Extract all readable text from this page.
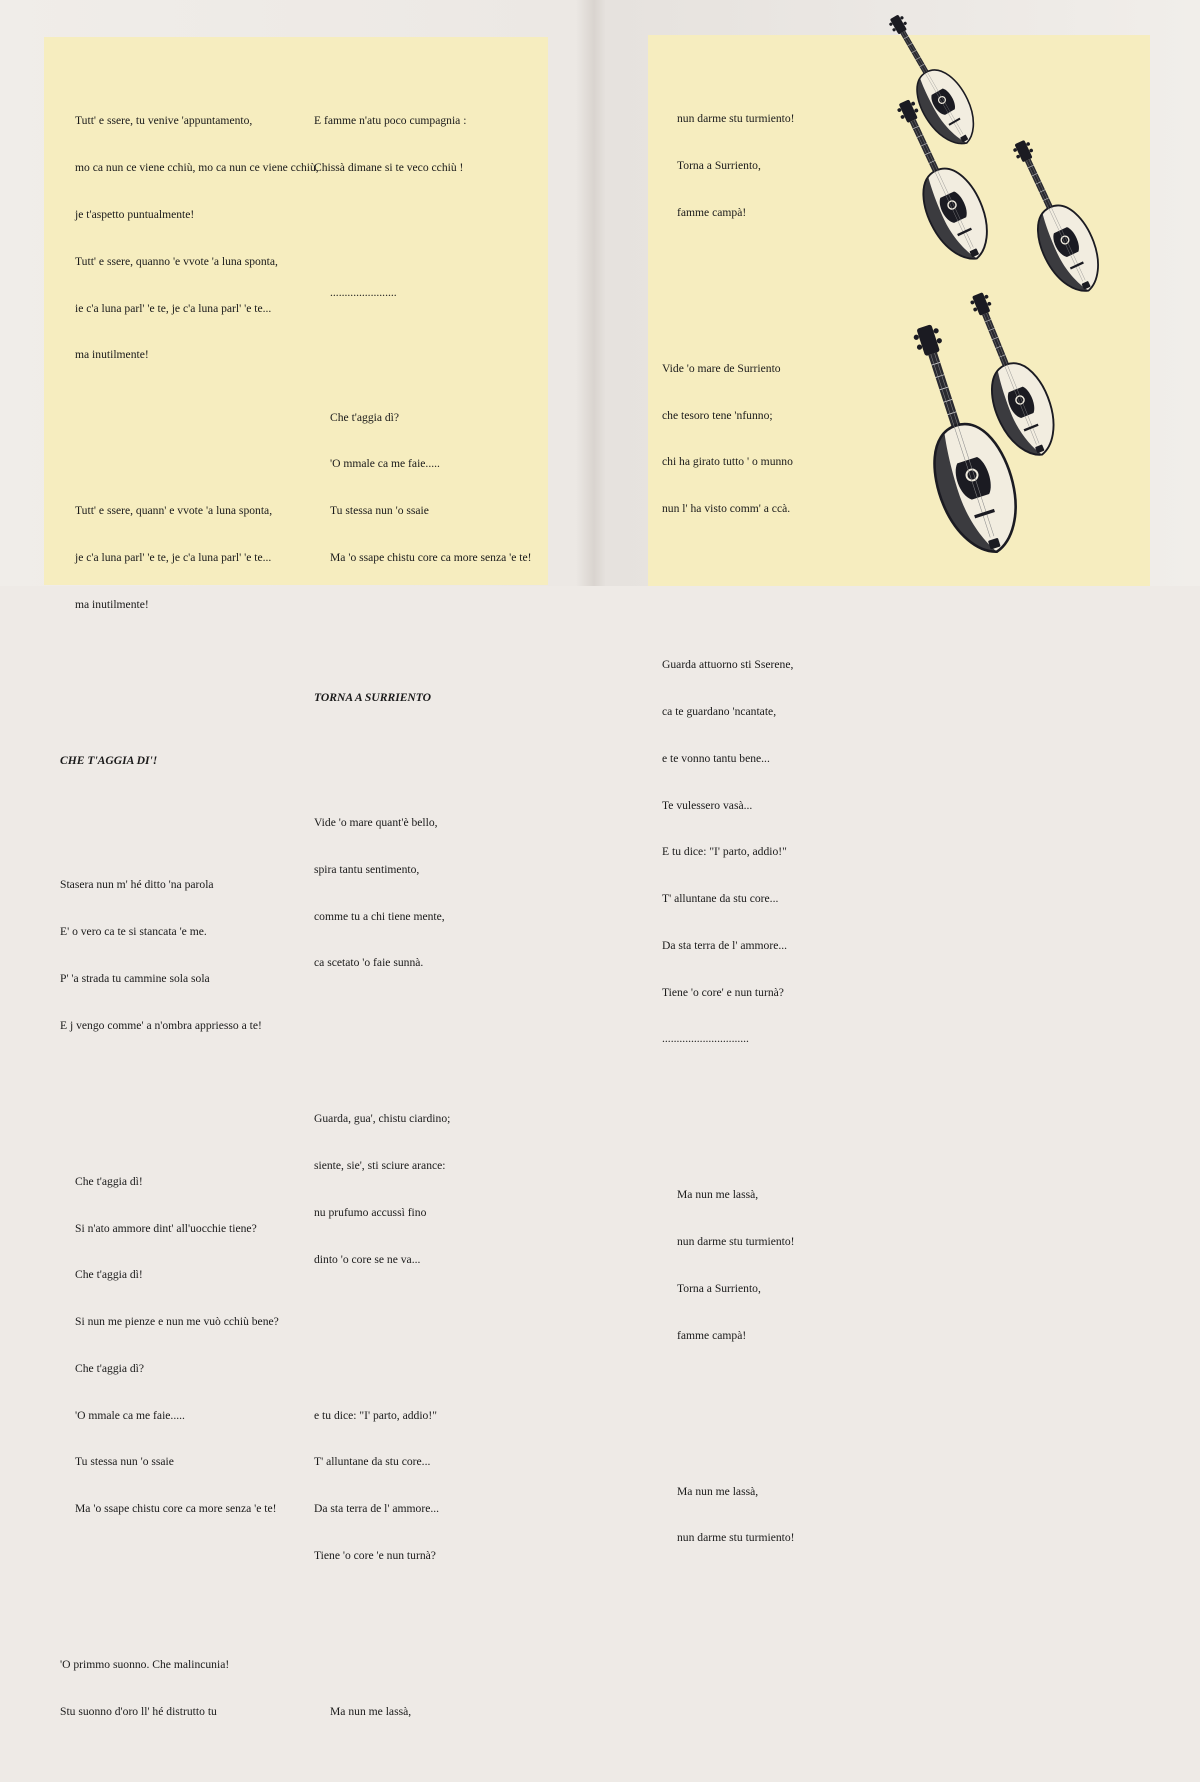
Tutt' e ssere, tu venive 'appuntamento,

mo ca nun ce viene cchiù, mo ca nun ce viene cchiù,

je t'aspetto puntualmente!

Tutt' e ssere, quanno 'e vvote 'a luna sponta,

ie c'a luna parl' 'e te, je c'a luna parl' 'e te...

ma inutilmente!

Tutt' e ssere, quann' e vvote 'a luna sponta,

je c'a luna parl' 'e te, je c'a luna parl' 'e te...

ma inutilmente!

CHE T'AGGIA DI'!

Stasera nun m' hé ditto 'na parola

E' o vero ca te si stancata 'e me.

P' 'a strada tu cammine sola sola

E j vengo comme' a n'ombra appriesso a te!

Che t'aggia dì!

Si n'ato ammore dint' all'uocchie tiene?

Che t'aggia dì!

Si nun me pienze e nun me vuò cchiù bene?

Che t'aggia dì?

'O mmale ca me faie.....

Tu stessa nun 'o ssaie

Ma 'o ssape chistu core ca more senza 'e te!

'O primmo suonno. Che malincunia!

Stu suonno d'oro ll' hé distrutto tu

E famme n'atu poco cumpagnia :

Chissà dimane si te veco cchiù !

.......................

Che t'aggia dì?

'O mmale ca me faie.....

Tu stessa nun 'o ssaie

Ma 'o ssape chistu core ca more senza 'e te!

TORNA A SURRIENTO

Vide 'o mare quant'è bello,

spira tantu sentimento,

comme tu a chi tiene mente,

ca scetato 'o faie sunnà.

Guarda, gua', chistu ciardino;

siente, sie', sti sciure arance:

nu prufumo accussì fino

dinto 'o core se ne va...

e tu dice: "I' parto, addio!"

T' alluntane da stu core...

Da sta terra de l' ammore...

Tiene 'o core 'e nun turnà?

Ma nun me lassà,

nun darme stu turmiento!

Torna a Surriento,

famme campà!

Vide 'o mare de Surriento

che tesoro tene 'nfunno;

chi ha girato tutto ' o munno

nun l' ha visto comm' a ccà.

Guarda attuorno sti Sserene,

ca te guardano 'ncantate,

e te vonno tantu bene...

Te vulessero vasà...

E tu dice: "I' parto, addio!"

T' alluntane da stu core...

Da sta terra de l' ammore...

Tiene 'o core' e nun turnà?

..............................

Ma nun me lassà,

nun darme stu turmiento!

Torna a Surriento,

famme campà!

Ma nun me lassà,

nun darme stu turmiento!
